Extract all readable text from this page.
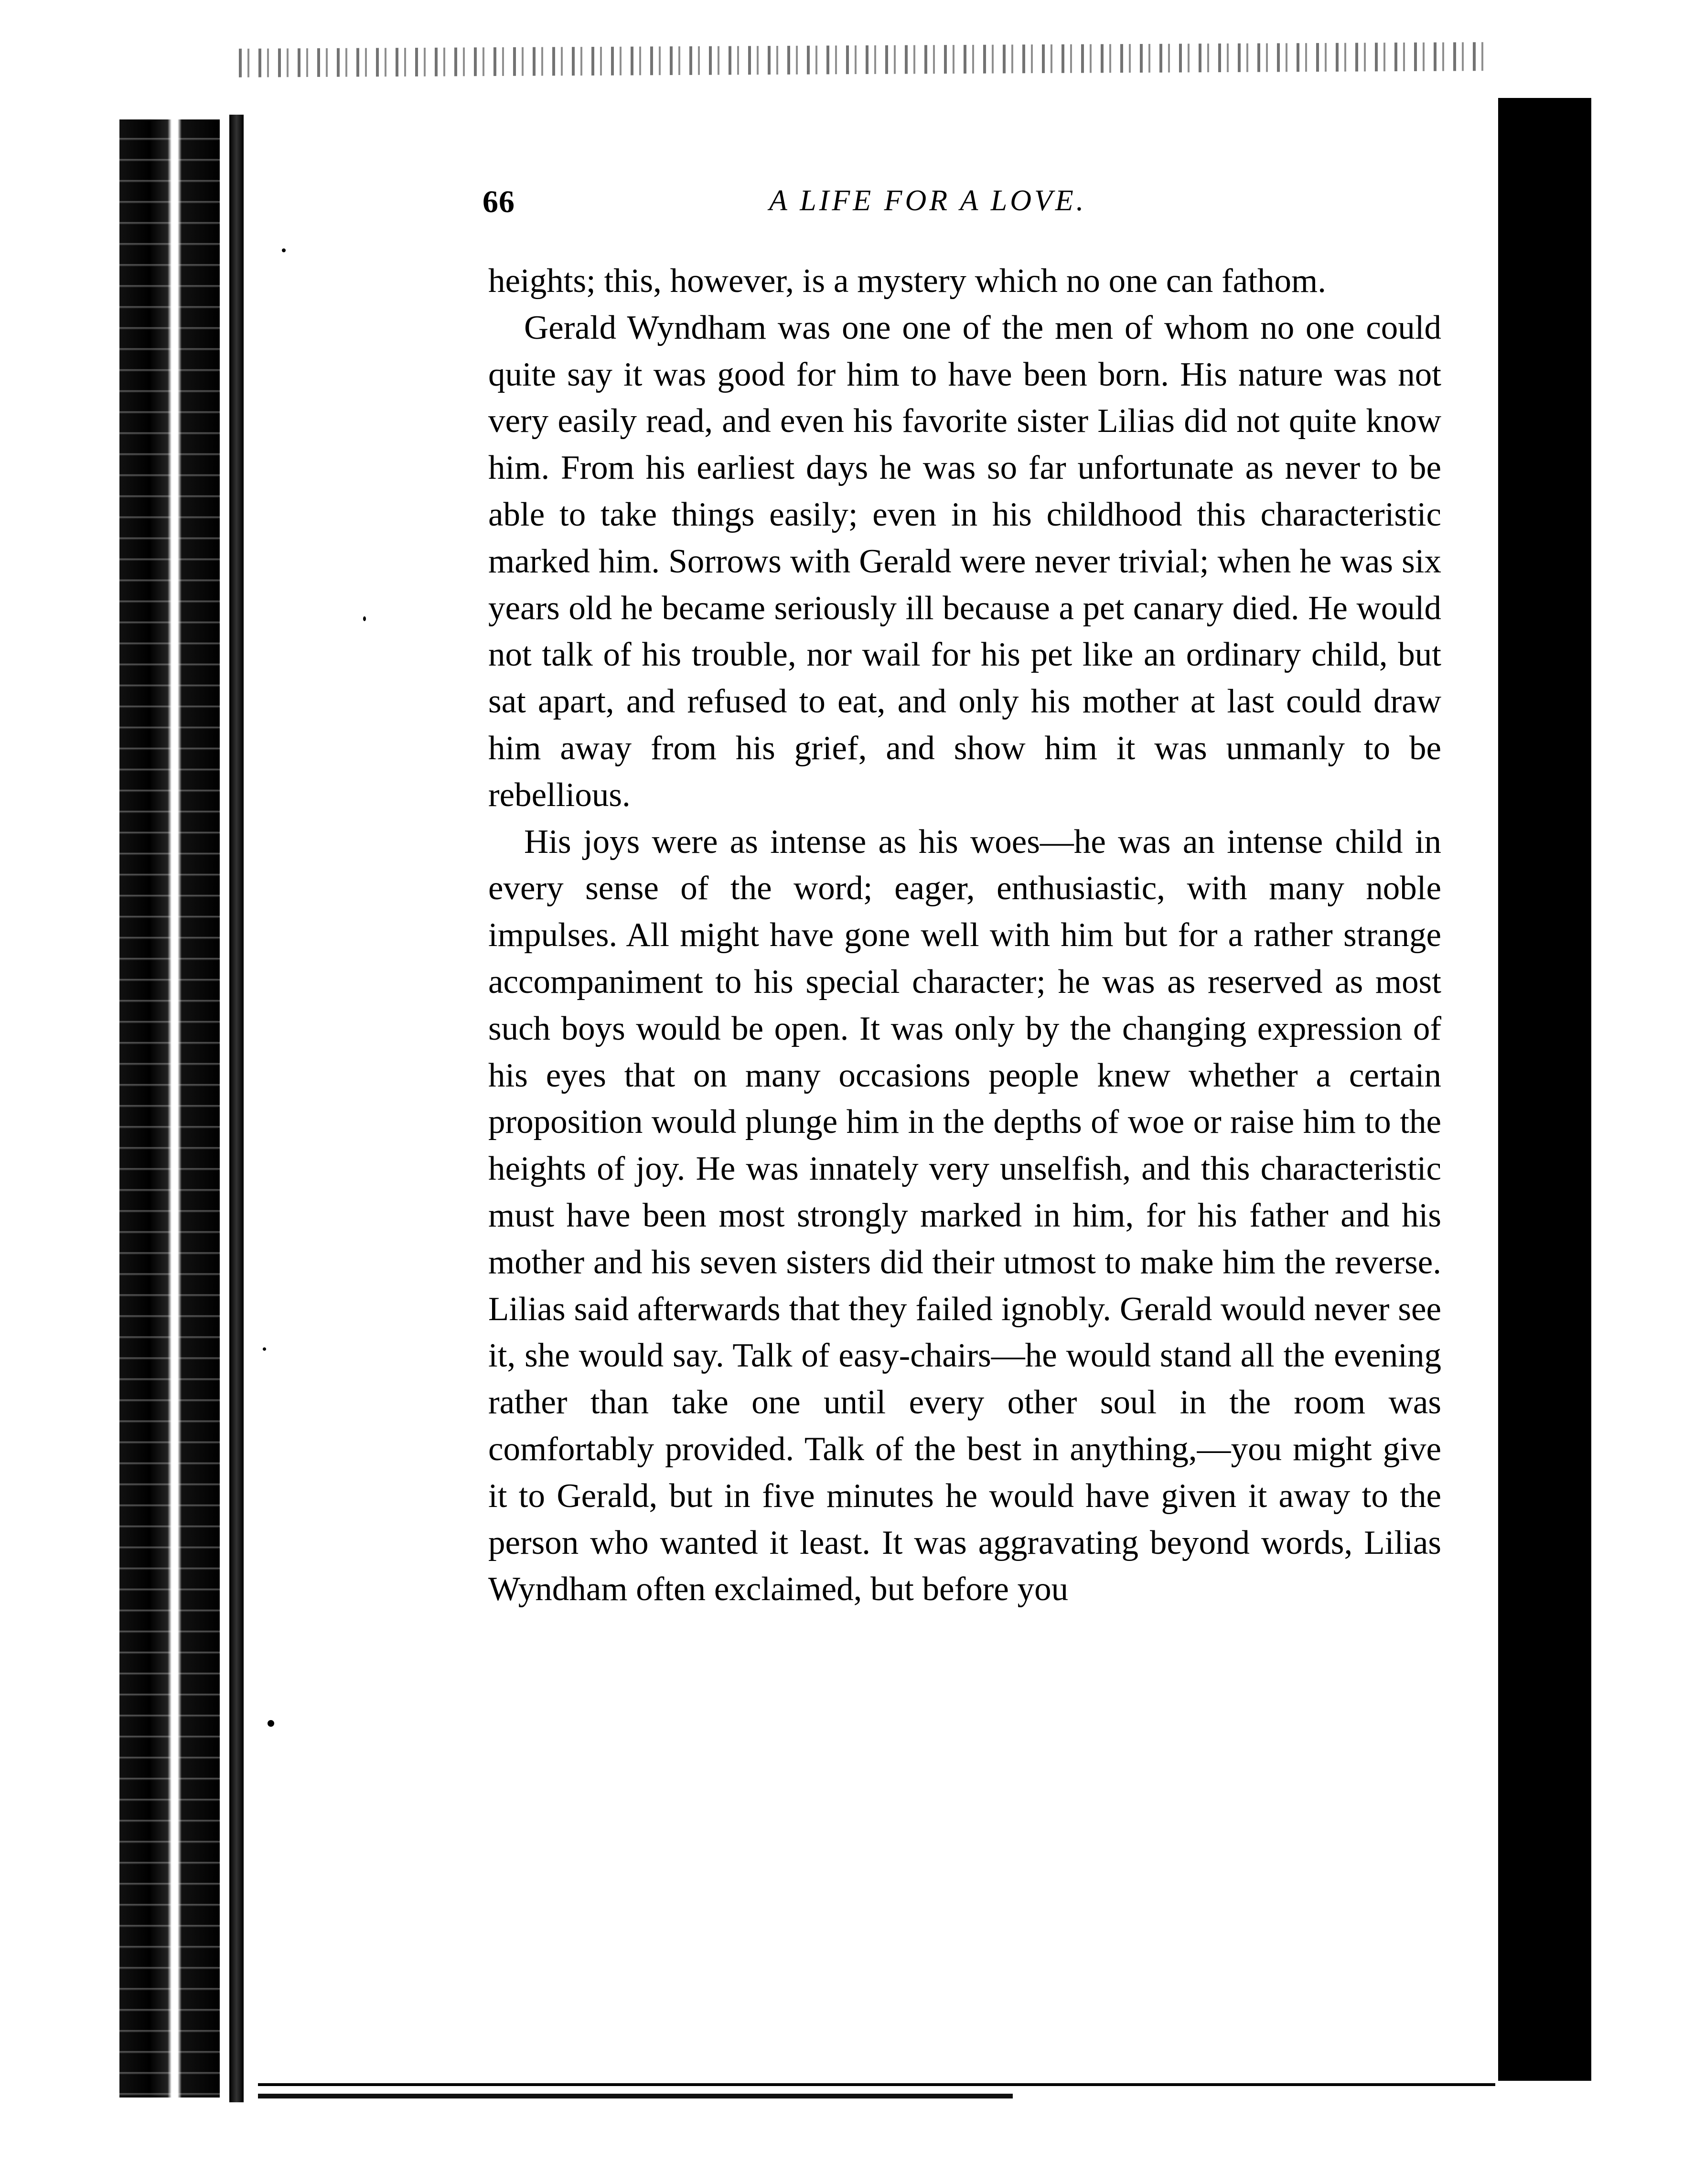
66	A LIFE FOR A LOVE.

heights; this, however, is a mystery which no one can fathom.

Gerald Wyndham was one one of the men of whom no one could quite say it was good for him to have been born. His nature was not very easily read, and even his favorite sister Lilias did not quite know him. From his earliest days he was so far unfortunate as never to be able to take things easily; even in his childhood this characteristic marked him. Sorrows with Gerald were never trivial; when he was six years old he became seriously ill because a pet canary died. He would not talk of his trouble, nor wail for his pet like an ordinary child, but sat apart, and refused to eat, and only his mother at last could draw him away from his grief, and show him it was unmanly to be rebellious.

His joys were as intense as his woes—he was an intense child in every sense of the word; eager, enthusiastic, with many noble impulses. All might have gone well with him but for a rather strange accompaniment to his special character; he was as reserved as most such boys would be open. It was only by the changing expression of his eyes that on many occasions people knew whether a certain proposition would plunge him in the depths of woe or raise him to the heights of joy. He was innately very unselfish, and this characteristic must have been most strongly marked in him, for his father and his mother and his seven sisters did their utmost to make him the reverse. Lilias said afterwards that they failed ignobly. Gerald would never see it, she would say. Talk of easy-chairs—he would stand all the evening rather than take one until every other soul in the room was comfortably provided. Talk of the best in anything,—you might give it to Gerald, but in five minutes he would have given it away to the person who wanted it least. It was aggravating beyond words, Lilias Wyndham often exclaimed, but before you
